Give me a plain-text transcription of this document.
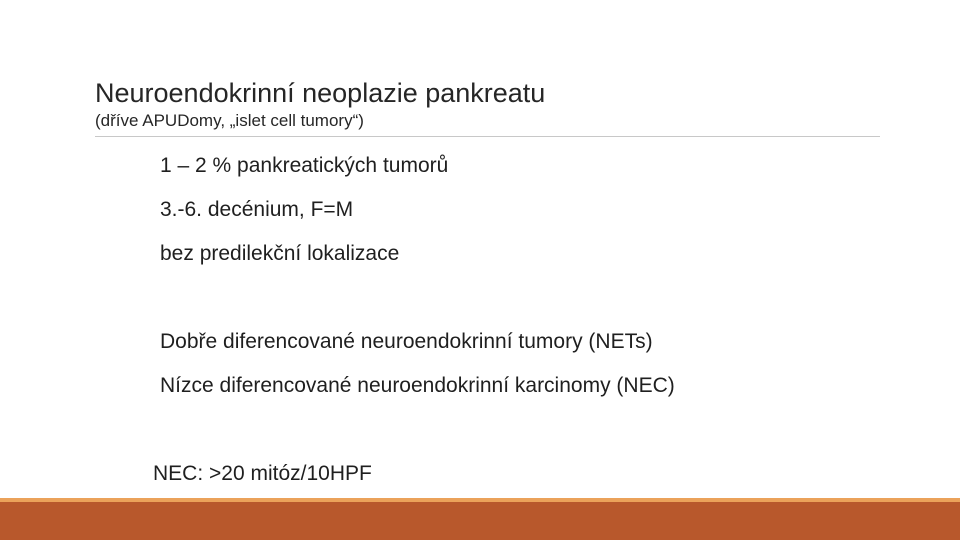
Neuroendokrinní neoplazie pankreatu
(dříve APUDomy, „islet cell tumory“)
1 – 2 % pankreatických tumorů
3.-6. decénium, F=M
bez predilekční lokalizace
Dobře diferencované neuroendokrinní tumory (NETs)
Nízce diferencované neuroendokrinní karcinomy (NEC)
NEC: >20 mitóz/10HPF
